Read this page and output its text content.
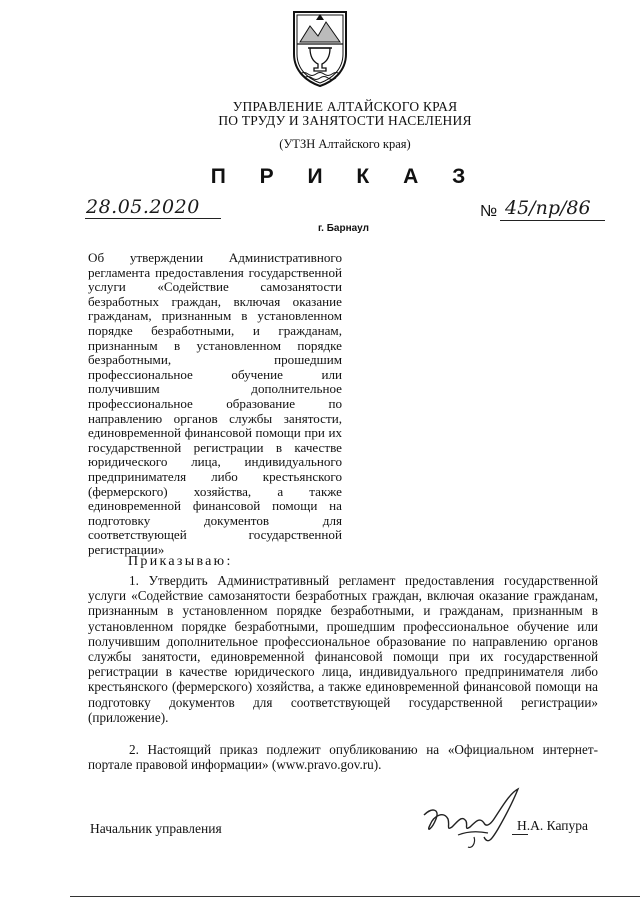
УПРАВЛЕНИЕ АЛТАЙСКОГО КРАЯ
ПО ТРУДУ И ЗАНЯТОСТИ НАСЕЛЕНИЯ
(УТЗН Алтайского края)
П Р И К А З
28.05.2020
г. Барнаул
№ 45/пр/86
Об утверждении Административного регламента предоставления государственной услуги «Содействие самозанятости безработных граждан, включая оказание гражданам, признанным в установленном порядке безработными, и гражданам, признанным в установленном порядке безработными, прошедшим профессиональное обучение или получившим дополнительное профессиональное образование по направлению органов службы занятости, единовременной финансовой помощи при их государственной регистрации в качестве юридического лица, индивидуального предпринимателя либо крестьянского (фермерского) хозяйства, а также единовременной финансовой помощи на подготовку документов для соответствующей государственной регистрации»
Приказываю:
1. Утвердить Административный регламент предоставления государственной услуги «Содействие самозанятости безработных граждан, включая оказание гражданам, признанным в установленном порядке безработными, и гражданам, признанным в установленном порядке безработными, прошедшим профессиональное обучение или получившим дополнительное профессиональное образование по направлению органов службы занятости, единовременной финансовой помощи при их государственной регистрации в качестве юридического лица, индивидуального предпринимателя либо крестьянского (фермерского) хозяйства, а также единовременной финансовой помощи на подготовку документов для соответствующей государственной регистрации» (приложение).
2. Настоящий приказ подлежит опубликованию на «Официальном интернет-портале правовой информации» (www.pravo.gov.ru).
Начальник управления	Н.А. Капура
